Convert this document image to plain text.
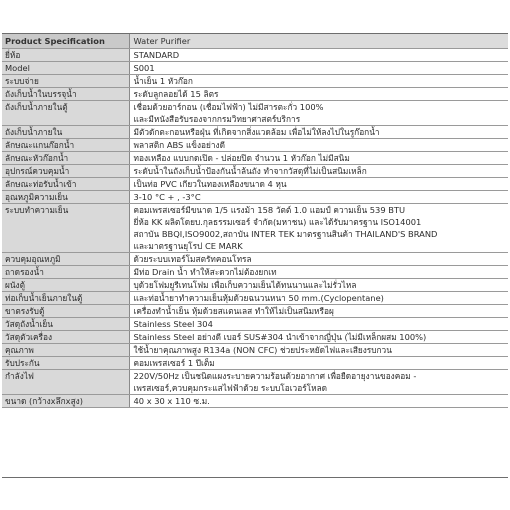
Product Specification	Water Purifier
ยี่ห้อ	STANDARD

Model	S001

ระบบจ่าย	น้ำเย็น 1 หัวก๊อก

ถังเก็บน้ำในบรรจุน้ำ	ระดับลูกลอยได้ 15 ลิตร

ถังเก็บน้ำภายในตู้	เชื่อมด้วยอาร์กอน (เชื่อมไฟฟ้า) ไม่มีสารตะกั่ว 100%
และมีหนังสือรับรองจากกรมวิทยาศาสตร์บริการ

ถังเก็บน้ำภายใน	มีตัวดักตะกอนหรือฝุ่น ที่เกิดจากสิ่งแวดล้อม เพื่อไม่ให้ลงไปในรูก๊อกน้ำ

ลักษณะแกนก๊อกน้ำ	พลาสติก ABS แข็งอย่างดี

ลักษณะหัวก๊อกน้ำ	ทองเหลือง แบบกดเปิด - ปล่อยปิด จำนวน 1 หัวก๊อก ไม่มีสนิม

อุปกรณ์ควบคุมน้ำ	ระดับน้ำในถังเก็บน้ำป้องกันน้ำล้นถัง ทำจากวัสดุที่ไม่เป็นสนิมเหล็ก

ลักษณะท่อรับน้ำเข้า	เป็นท่อ PVC เกียวในทองเหลืองขนาด 4 หุน

อุณหภูมิความเย็น	3-10 °C + , -3°C

ระบบทำความเย็น	คอมเพรสเซอร์มีขนาด 1/5 แรงม้า 158 วัตต์ 1.0 แอมป์ ความเย็น 539 BTU
ยี่ห้อ KK ผลิตโดยบ.กุลธรรมเซอร์ จำกัด(มหาชน) และได้รับมาตรฐาน ISO14001
สถาบัน BBQI,ISO9002,สถาบัน INTER TEK มาตรฐานสินค้า THAILAND'S BRAND
และมาตรฐานยุโรป CE MARK

ควบคุมอุณหภูมิ	ด้วยระบบเทอร์โมสตรัทคอนโทรล

ถาดรองน้ำ	มีท่อ Drain น้ำ ทำให้สะดวกไม่ต้องยกเท

ผนังตู้	บุด้วยโฟมยูรีเทนโฟม เพื่อเก็บความเย็นได้ทนนานและไม่รั่วไหล

ท่อเก็บน้ำเย็นภายในตู้	และท่อน้ำยาทำความเย็นหุ้มด้วยฉนวนหนา 50 mm.(Cyclopentane)

ขาตรงรับตู้	เครื่องทำน้ำเย็น หุ้มด้วยสแตนเลส ทำให้ไม่เป็นสนิมหรือผุ

วัสดุถังน้ำเย็น	Stainless Steel 304

วัสดุตัวเครื่อง	Stainless Steel อย่างดี เบอร์ SUS#304 นำเข้าจากญี่ปุ่น (ไม่มีเหล็กผสม 100%)

คุณภาพ	ใช้น้ำยาคุณภาพสูง R134a (NON CFC) ช่วยประหยัดไฟและเสียงรบกวน

รับประกัน	คอมเพรสเซอร์ 1 ปีเต็ม

กำลังไฟ	220V/50Hz เป็นชนิดแผงระบายความร้อนด้วยอากาศ เพื่อยืดอายุงานของคอม -
เพรสเซอร์,ควบคุมกระแสไฟฟ้าด้วย ระบบโอเวอร์โหลด

ขนาด (กว้างxลึกxสูง)	40 x 30 x 110 ซ.ม.
